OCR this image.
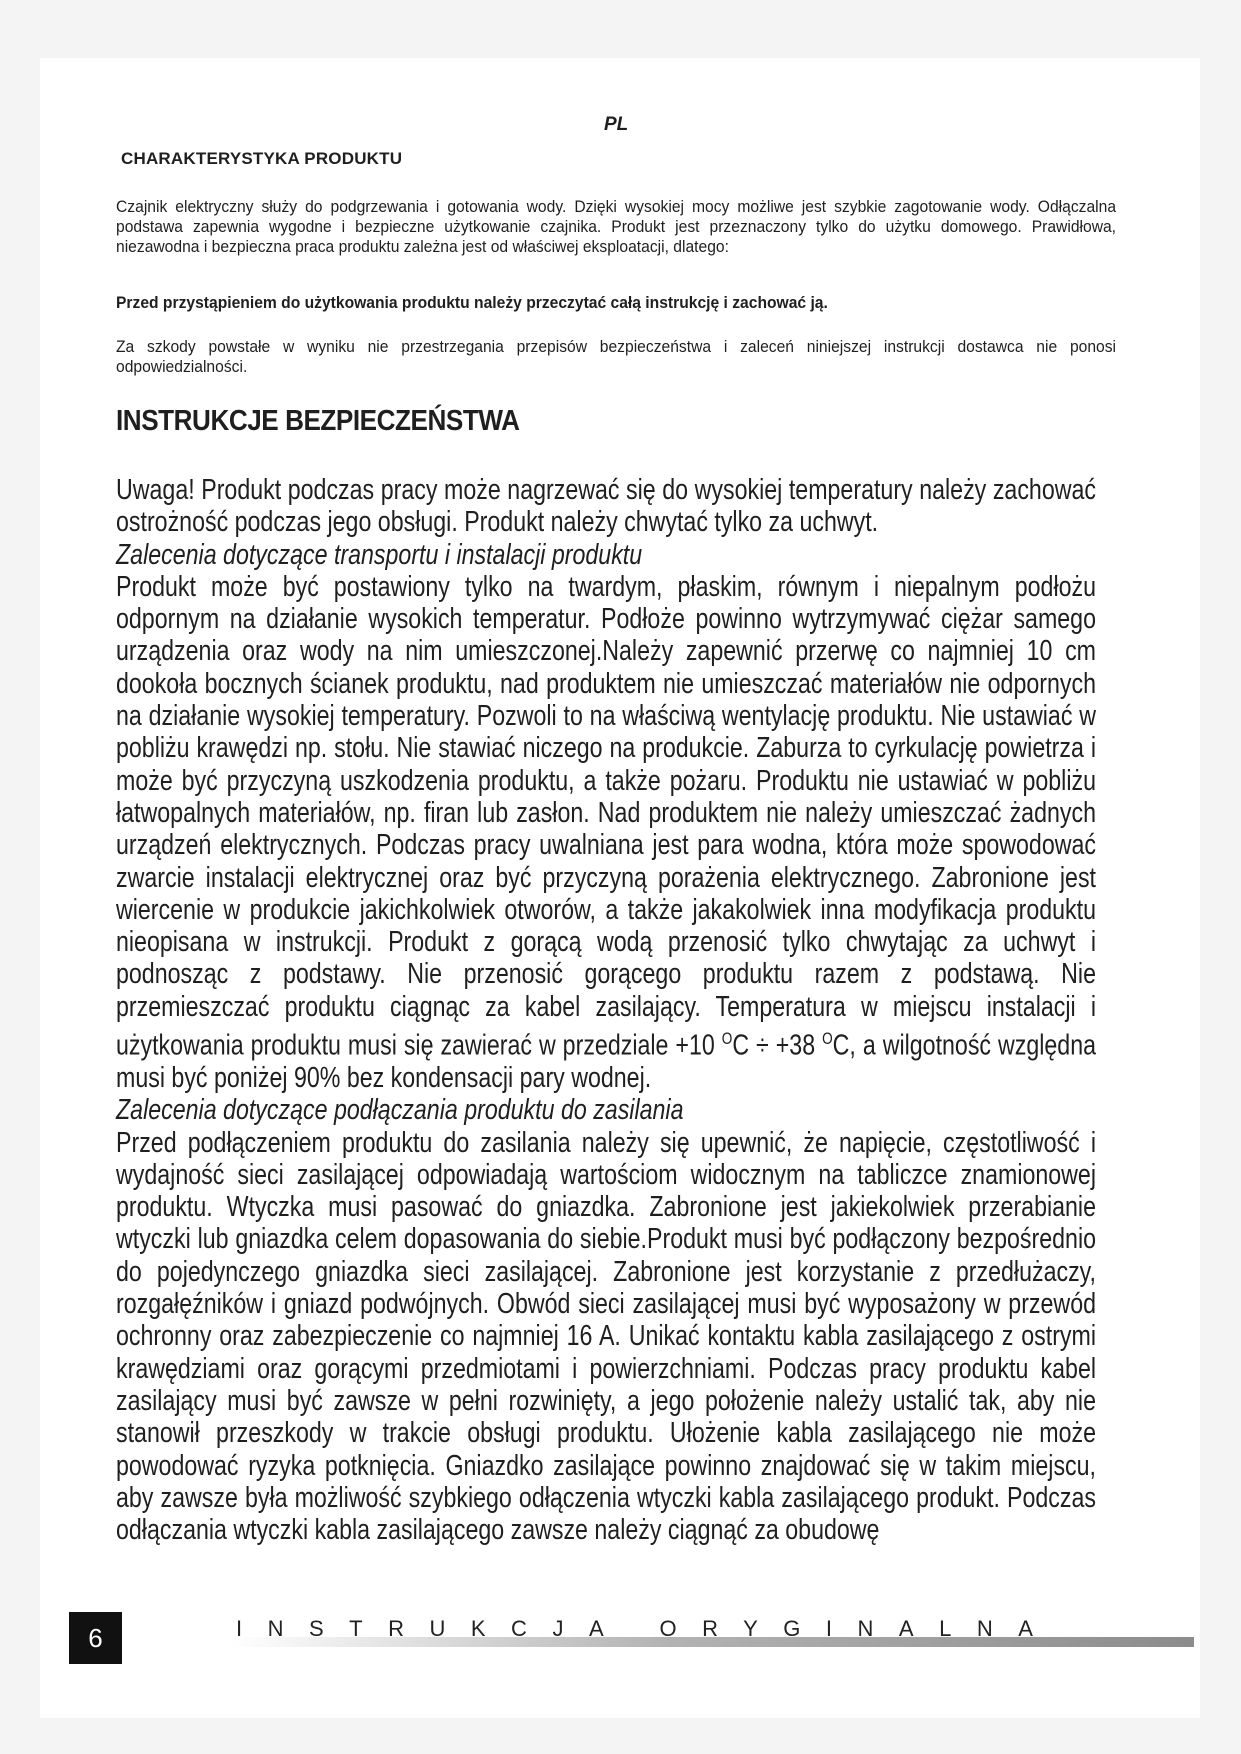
PL
CHARAKTERYSTYKA PRODUKTU
Czajnik elektryczny służy do podgrzewania i gotowania wody. Dzięki wysokiej mocy możliwe jest szybkie zagotowanie wody. Odłączalna podstawa zapewnia wygodne i bezpieczne użytkowanie czajnika. Produkt jest przeznaczony tylko do użytku domowego. Prawidłowa, niezawodna i bezpieczna praca produktu zależna jest od właściwej eksploatacji, dlatego:
Przed przystąpieniem do użytkowania produktu należy przeczytać całą instrukcję i zachować ją.
Za szkody powstałe w wyniku nie przestrzegania przepisów bezpieczeństwa i zaleceń niniejszej instrukcji dostawca nie ponosi odpowiedzialności.
INSTRUKCJE BEZPIECZEŃSTWA

Uwaga! Produkt podczas pracy może nagrzewać się do wysokiej temperatury należy zachować ostrożność podczas jego obsługi. Produkt należy chwytać tylko za uchwyt.

Zalecenia dotyczące transportu i instalacji produktu

Produkt może być postawiony tylko na twardym, płaskim, równym i niepalnym podłożu odpornym na działanie wysokich temperatur. Podłoże powinno wytrzymywać ciężar samego urządzenia oraz wody na nim umieszczonej.Należy zapewnić przerwę co najmniej 10 cm dookoła bocznych ścianek produktu, nad produktem nie umieszczać materiałów nie odpornych na działanie wysokiej temperatury. Pozwoli to na właściwą wentylację produktu. Nie ustawiać w pobliżu krawędzi np. stołu. Nie stawiać niczego na produkcie. Zaburza to cyrkulację powietrza i może być przyczyną uszkodzenia produktu, a także pożaru. Produktu nie ustawiać w pobliżu łatwopalnych materiałów, np. firan lub zasłon. Nad produktem nie należy umieszczać żadnych urządzeń elektrycznych. Podczas pracy uwalniana jest para wodna, która może spowodować zwarcie instalacji elektrycznej oraz być przyczyną porażenia elektrycznego. Zabronione jest wiercenie w produkcie jakichkolwiek otworów, a także jakakolwiek inna modyfikacja produktu nieopisana w instrukcji. Produkt z gorącą wodą przenosić tylko chwytając za uchwyt i podnosząc z podstawy. Nie przenosić gorącego produktu razem z podstawą. Nie przemieszczać produktu ciągnąc za kabel zasilający. Temperatura w miejscu instalacji i użytkowania produktu musi się zawierać w przedziale +10 $^O$C ÷ +38 $^O$C, a wilgotność względna musi być poniżej 90% bez kondensacji pary wodnej.

Zalecenia dotyczące podłączania produktu do zasilania

Przed podłączeniem produktu do zasilania należy się upewnić, że napięcie, częstotliwość i wydajność sieci zasilającej odpowiadają wartościom widocznym na tabliczce znamionowej produktu. Wtyczka musi pasować do gniazdka. Zabronione jest jakiekolwiek przerabianie wtyczki lub gniazdka celem dopasowania do siebie.Produkt musi być podłączony bezpośrednio do pojedynczego gniazdka sieci zasilającej. Zabronione jest korzystanie z przedłużaczy, rozgałęźników i gniazd podwójnych. Obwód sieci zasilającej musi być wyposażony w przewód ochronny oraz zabezpieczenie co najmniej 16 A. Unikać kontaktu kabla zasilającego z ostrymi krawędziami oraz gorącymi przedmiotami i powierzchniami. Podczas pracy produktu kabel zasilający musi być zawsze w pełni rozwinięty, a jego położenie należy ustalić tak, aby nie stanowił przeszkody w trakcie obsługi produktu. Ułożenie kabla zasilającego nie może powodować ryzyka potknięcia. Gniazdko zasilające powinno znajdować się w takim miejscu, aby zawsze była możliwość szybkiego odłączenia wtyczki kabla zasilającego produkt. Podczas odłączania wtyczki kabla zasilającego zawsze należy ciągnąć za obudowę

6	INSTRUKCJA ORYGINALNA
